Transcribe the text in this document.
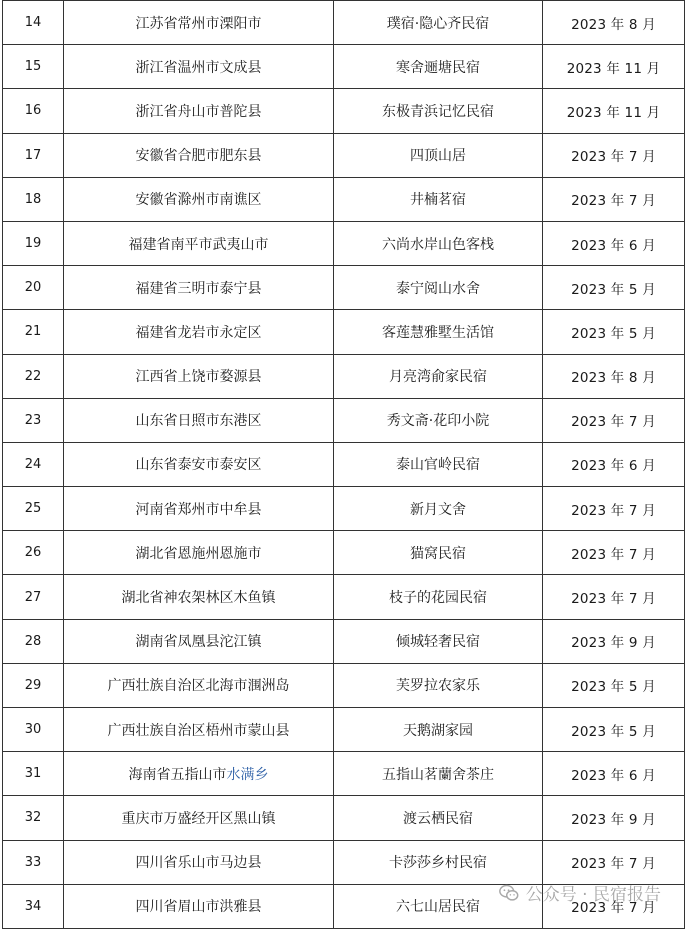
14	江苏省常州市溧阳市	璞宿·隐心齐民宿	2023 年 8 月
15	浙江省温州市文成县	寒舍逦塘民宿	2023 年 11 月
16	浙江省舟山市普陀县	东极青浜记忆民宿	2023 年 11 月
17	安徽省合肥市肥东县	四顶山居	2023 年 7 月
18	安徽省滁州市南谯区	井楠茗宿	2023 年 7 月
19	福建省南平市武夷山市	六尚水岸山色客栈	2023 年 6 月
20	福建省三明市泰宁县	泰宁阅山水舍	2023 年 5 月
21	福建省龙岩市永定区	客莲慧雅墅生活馆	2023 年 5 月
22	江西省上饶市婺源县	月亮湾俞家民宿	2023 年 8 月
23	山东省日照市东港区	秀文斋·花印小院	2023 年 7 月
24	山东省泰安市泰安区	泰山官岭民宿	2023 年 6 月
25	河南省郑州市中牟县	新月文舍	2023 年 7 月
26	湖北省恩施州恩施市	猫窝民宿	2023 年 7 月
27	湖北省神农架林区木鱼镇	枝子的花园民宿	2023 年 7 月
28	湖南省凤凰县沱江镇	倾城轻奢民宿	2023 年 9 月
29	广西壮族自治区北海市涠洲岛	芙罗拉农家乐	2023 年 5 月
30	广西壮族自治区梧州市蒙山县	天鹅湖家园	2023 年 5 月
31	海南省五指山市水满乡	五指山茗蘭舍茶庄	2023 年 6 月
32	重庆市万盛经开区黑山镇	渡云栖民宿	2023 年 9 月
33	四川省乐山市马边县	卡莎莎乡村民宿	2023 年 7 月
34	四川省眉山市洪雅县	六七山居民宿	2023 年 7 月
公众号 · 民宿报告
